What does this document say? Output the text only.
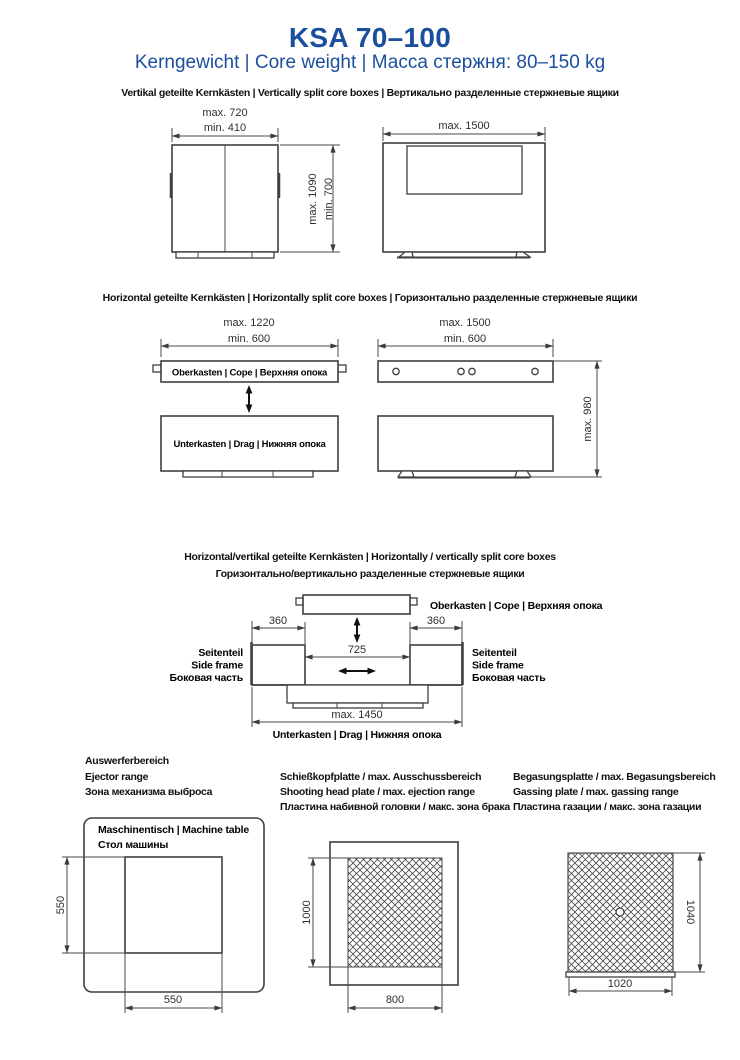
KSA 70–100
Kerngewicht | Core weight | Масса стержня: 80–150 kg
Vertikal geteilte Kernkästen | Vertically split core boxes | Вертикально разделенные стержневые ящики
max. 720
min. 410
max. 1090 min. 700
max. 1500
Horizontal geteilte Kernkästen | Horizontally split core boxes | Горизонтально разделенные стержневые ящики
max. 1220
min. 600
Oberkasten | Cope | Верхняя опока
Unterkasten | Drag | Нижняя опока
max. 1500
min. 600
max. 980
Horizontal/vertikal geteilte Kernkästen | Horizontally / vertically split core boxes
Горизонтально/вертикально разделенные стержневые ящики
Oberkasten | Cope | Верхняя опока
360	360
725
max. 1450
Unterkasten | Drag | Нижняя опока
Seitenteil
Side frame
Боковая часть
Seitenteil
Side frame
Боковая часть
Auswerferbereich
Ejector range
Зона механизма выброса
Schießkopfplatte / max. Ausschussbereich
Shooting head plate / max. ejection range
Пластина набивной головки / макс. зона брака
Begasungsplatte / max. Begasungsbereich
Gassing plate / max. gassing range
Пластина газации / макс. зона газации
Maschinentisch | Machine table
Стол машины
550
550
1000
800
1040
1020
